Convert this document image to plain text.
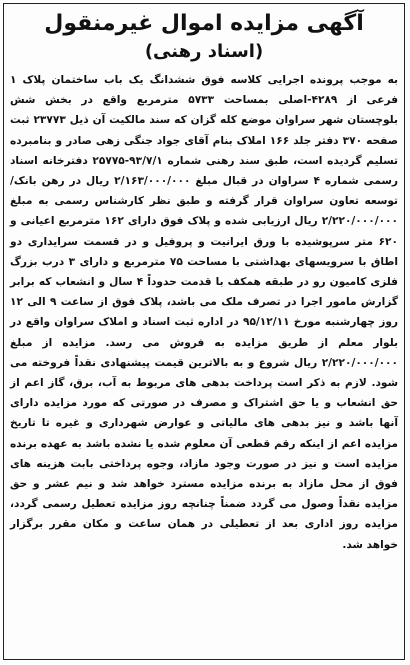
آگهی مزایده اموال غیرمنقول
(اسناد رهنی)
به موجب پرونده اجرایی کلاسه فوق ششدانگ یک باب ساختمان پلاک ۱ فرعی از ۴۲۸۹-اصلی بمساحت ۵۷۳۳ مترمربع واقع در بخش شش بلوچستان شهر سراوان موضع کله گزان که سند مالکیت آن ذیل ۲۳۷۷۳ ثبت صفحه ۳۷۰ دفتر جلد ۱۶۶ املاک بنام آقای جواد جنگی زهی صادر و بنامبرده تسلیم گردیده است، طبق سند رهنی شماره ۹۳/۷/۱-۲۵۷۷۵ دفترخانه اسناد رسمی شماره ۴ سراوان در قبال مبلغ ۲/۱۶۳/۰۰۰/۰۰۰ ریال در رهن بانک/ توسعه تعاون سراوان قرار گرفته و طبق نظر کارشناس رسمی به مبلغ ۲/۲۲۰/۰۰۰/۰۰۰ ریال ارزیابی شده و پلاک فوق دارای ۱۶۲ مترمربع اعیانی و ۶۲۰ متر سرپوشیده با ورق ایرانیت و پروفیل و در قسمت سرایداری دو اطاق با سرویسهای بهداشتی با مساحت ۷۵ مترمربع و دارای ۳ درب بزرگ فلزی کامیون رو در طبقه همکف با قدمت حدوداً ۴ سال و انشعاب که برابر گزارش مامور اجرا در تصرف ملک می باشد، پلاک فوق از ساعت ۹ الی ۱۲ روز چهارشنبه مورخ ۹۵/۱۲/۱۱ در اداره ثبت اسناد و املاک سراوان واقع در بلوار معلم از طریق مزایده به فروش می رسد. مزایده از مبلغ ۲/۲۲۰/۰۰۰/۰۰۰ ریال شروع و به بالاترین قیمت پیشنهادی نقداً فروخته می شود. لازم به ذکر است پرداخت بدهی های مربوط به آب، برق، گاز اعم از حق انشعاب و یا حق اشتراک و مصرف در صورتی که مورد مزایده دارای آنها باشد و نیز بدهی های مالیاتی و عوارض شهرداری و غیره تا تاریخ مزایده اعم از اینکه رقم قطعی آن معلوم شده یا نشده باشد به عهده برنده مزایده است و نیز در صورت وجود مازاد، وجوه پرداختی بابت هزینه های فوق از محل مازاد به برنده مزایده مسترد خواهد شد و نیم عشر و حق مزایده نقداً وصول می گردد ضمناً چنانچه روز مزایده تعطیل رسمی گردد، مزایده روز اداری بعد از تعطیلی در همان ساعت و مکان مقرر برگزار خواهد شد.
